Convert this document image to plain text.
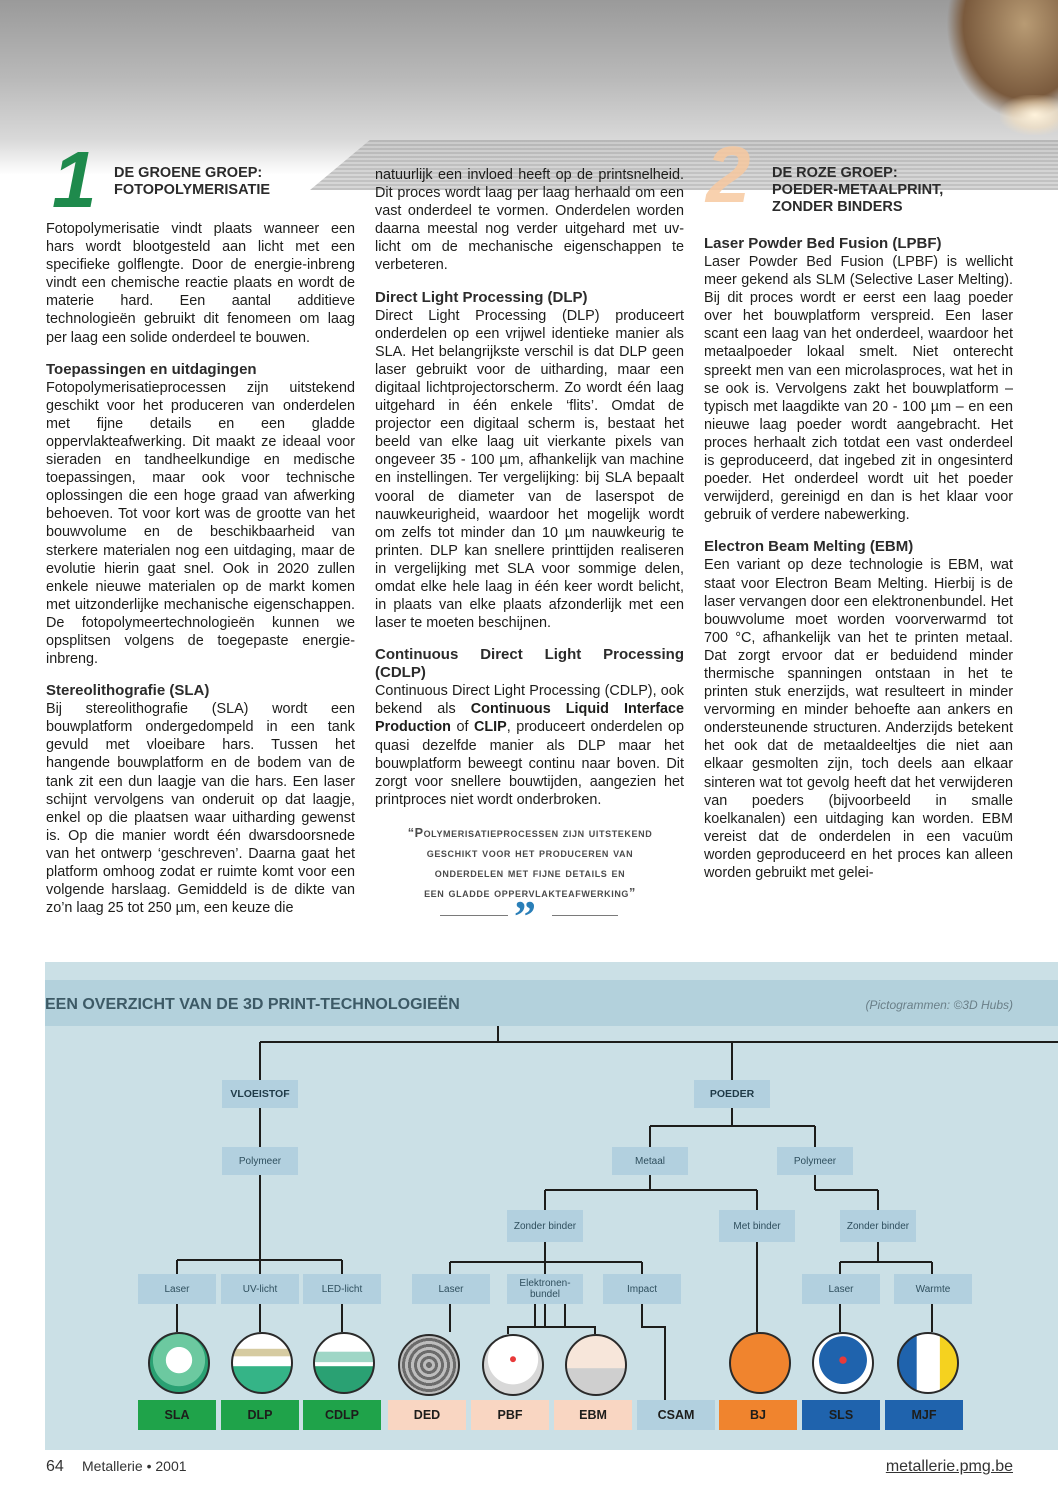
1 DE GROENE GROEP:
FOTOPOLYMERISATIE

Fotopolymerisatie vindt plaats wanneer een hars wordt blootgesteld aan licht met een specifieke golflengte. Door de energie-inbreng vindt een chemische reactie plaats en wordt de materie hard. Een aantal additieve technologieën gebruikt dit fenomeen om laag per laag een solide onderdeel te bouwen.

Toepassingen en uitdagingen

Fotopolymerisatieprocessen zijn uitstekend geschikt voor het produceren van onderdelen met fijne details en een gladde oppervlakteafwerking. Dit maakt ze ideaal voor sieraden en tandheelkundige en medische toepassingen, maar ook voor technische oplossingen die een hoge graad van afwerking behoeven. Tot voor kort was de grootte van het bouwvolume en de beschikbaarheid van sterkere materialen nog een uitdaging, maar de evolutie hierin gaat snel. Ook in 2020 zullen enkele nieuwe materialen op de markt komen met uitzonderlijke mechanische eigenschappen. De fotopolymeertechnologieën kunnen we opsplitsen volgens de toegepaste energie-inbreng.

Stereolithografie (SLA)

Bij stereolithografie (SLA) wordt een bouwplatform ondergedompeld in een tank gevuld met vloeibare hars. Tussen het hangende bouwplatform en de bodem van de tank zit een dun laagje van die hars. Een laser schijnt vervolgens van onderuit op dat laagje, enkel op die plaatsen waar uitharding gewenst is. Op die manier wordt één dwarsdoorsnede van het ontwerp ‘geschreven’. Daarna gaat het platform omhoog zodat er ruimte komt voor een volgende harslaag. Gemiddeld is de dikte van zo’n laag 25 tot 250 µm, een keuze die

natuurlijk een invloed heeft op de printsnelheid. Dit proces wordt laag per laag herhaald om een vast onderdeel te vormen. Onderdelen worden daarna meestal nog verder uitgehard met uv-licht om de mechanische eigenschappen te verbeteren.

Direct Light Processing (DLP)

Direct Light Processing (DLP) produceert onderdelen op een vrijwel identieke manier als SLA. Het belangrijkste verschil is dat DLP geen laser gebruikt voor de uitharding, maar een digitaal lichtprojectorscherm. Zo wordt één laag uitgehard in één enkele ‘flits’. Omdat de projector een digitaal scherm is, bestaat het beeld van elke laag uit vierkante pixels van ongeveer 35 - 100 µm, afhankelijk van machine en instellingen. Ter vergelijking: bij SLA bepaalt vooral de diameter van de laserspot de nauwkeurigheid, waardoor het mogelijk wordt om zelfs tot minder dan 10 µm nauwkeurig te printen. DLP kan snellere printtijden realiseren in vergelijking met SLA voor sommige delen, omdat elke hele laag in één keer wordt belicht, in plaats van elke plaats afzonderlijk met een laser te moeten beschijnen.

Continuous Direct Light Processing (CDLP)

Continuous Direct Light Processing (CDLP), ook bekend als Continuous Liquid Interface Production of CLIP, produceert onderdelen op quasi dezelfde manier als DLP maar het bouwplatform beweegt continu naar boven. Dit zorgt voor snellere bouwtijden, aangezien het printproces niet wordt onderbroken.

“Polymerisatieprocessen zijn uitstekend
geschikt voor het produceren van
onderdelen met fijne details en
een gladde oppervlakteafwerking”
”
2 DE ROZE GROEP:
POEDER-METAALPRINT,
ZONDER BINDERS
Laser Powder Bed Fusion (LPBF)

Laser Powder Bed Fusion (LPBF) is wellicht meer gekend als SLM (Selective Laser Melting). Bij dit proces wordt er eerst een laag poeder over het bouwplatform verspreid. Een laser scant een laag van het onderdeel, waardoor het metaalpoeder lokaal smelt. Niet onterecht spreekt men van een microlasproces, wat het in se ook is. Vervolgens zakt het bouwplatform – typisch met laagdikte van 20 - 100 µm – en een nieuwe laag poeder wordt aangebracht. Het proces herhaalt zich totdat een vast onderdeel is geproduceerd, dat ingebed zit in ongesinterd poeder. Het onderdeel wordt uit het poeder verwijderd, gereinigd en dan is het klaar voor gebruik of verdere nabewerking.

Electron Beam Melting (EBM)

Een variant op deze technologie is EBM, wat staat voor Electron Beam Melting. Hierbij is de laser vervangen door een elektronenbundel. Het bouwvolume moet worden voorverwarmd tot 700 °C, afhankelijk van het te printen metaal. Dat zorgt ervoor dat er beduidend minder thermische spanningen ontstaan in het te printen stuk enerzijds, wat resulteert in minder vervorming en minder behoefte aan ankers en ondersteunende structuren. Anderzijds betekent het ook dat de metaaldeeltjes die niet aan elkaar gesmolten zijn, toch deels aan elkaar sinteren wat tot gevolg heeft dat het verwijderen van poeders (bijvoorbeeld in smalle koelkanalen) een uitdaging kan worden. EBM vereist dat de onderdelen in een vacuüm worden geproduceerd en het proces kan alleen worden gebruikt met gelei-

EEN OVERZICHT VAN DE 3D PRINT-TECHNOLOGIEËN	(Pictogrammen: ©3D Hubs)
VLOEISTOF	POEDER
Polymeer	Metaal	Polymeer
Zonder binder	Met binder	Zonder binder
Laser	UV-licht	LED-licht	Laser	Elektronen-bundel	Impact	Laser	Warmte
SLA	DLP	CDLP	DED	PBF	EBM	CSAM	BJ	SLS	MJF
64 Metallerie • 2001	metallerie.pmg.be
